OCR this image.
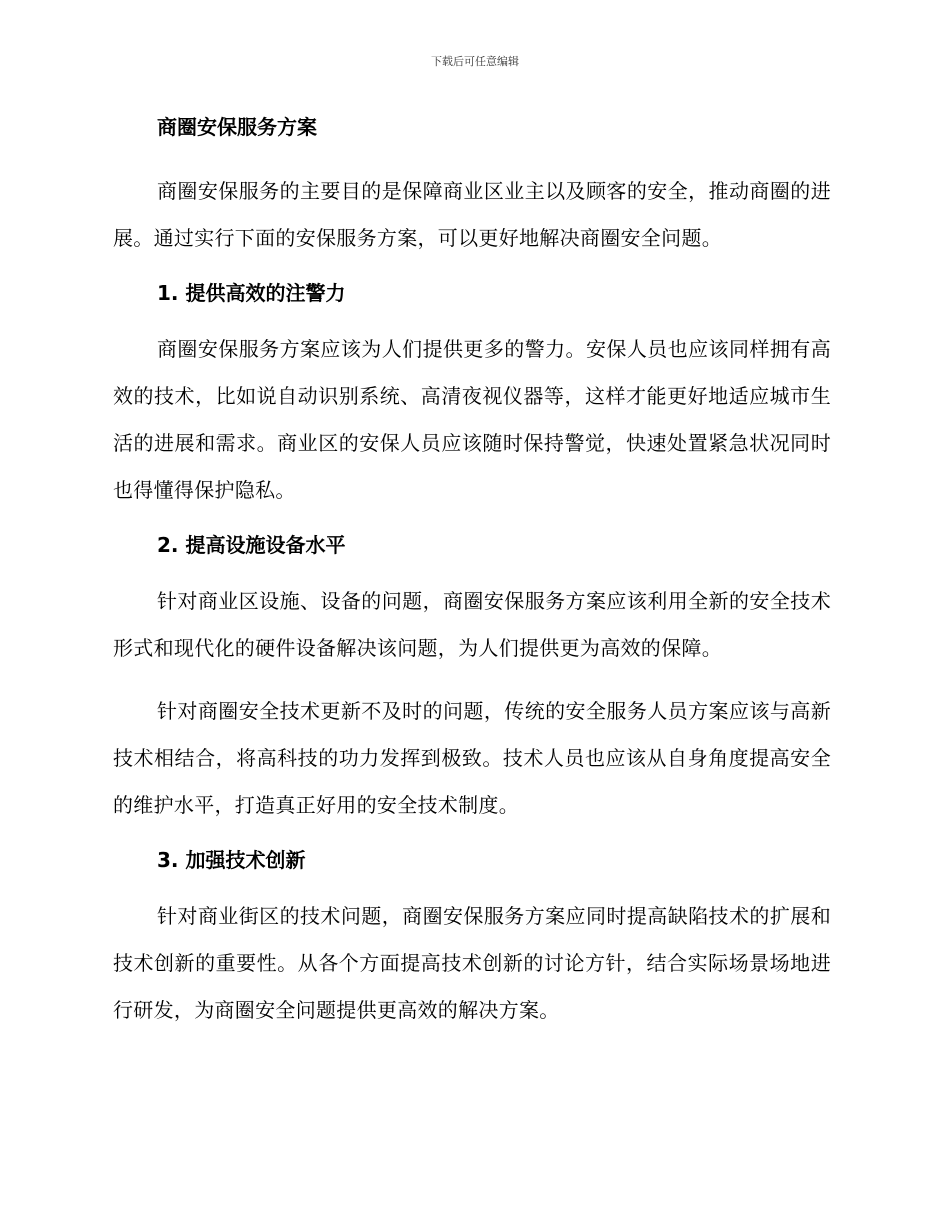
下载后可任意编辑
商圈安保服务方案

商圈安保服务的主要目的是保障商业区业主以及顾客的安全，推动商圈的进展。通过实行下面的安保服务方案，可以更好地解决商圈安全问题。

1. 提供高效的注警力

商圈安保服务方案应该为人们提供更多的警力。安保人员也应该同样拥有高效的技术，比如说自动识别系统、高清夜视仪器等，这样才能更好地适应城市生活的进展和需求。商业区的安保人员应该随时保持警觉，快速处置紧急状况同时也得懂得保护隐私。

2. 提高设施设备水平

针对商业区设施、设备的问题，商圈安保服务方案应该利用全新的安全技术形式和现代化的硬件设备解决该问题，为人们提供更为高效的保障。

针对商圈安全技术更新不及时的问题，传统的安全服务人员方案应该与高新技术相结合，将高科技的功力发挥到极致。技术人员也应该从自身角度提高安全的维护水平，打造真正好用的安全技术制度。

3. 加强技术创新

针对商业街区的技术问题，商圈安保服务方案应同时提高缺陷技术的扩展和技术创新的重要性。从各个方面提高技术创新的讨论方针，结合实际场景场地进行研发，为商圈安全问题提供更高效的解决方案。
